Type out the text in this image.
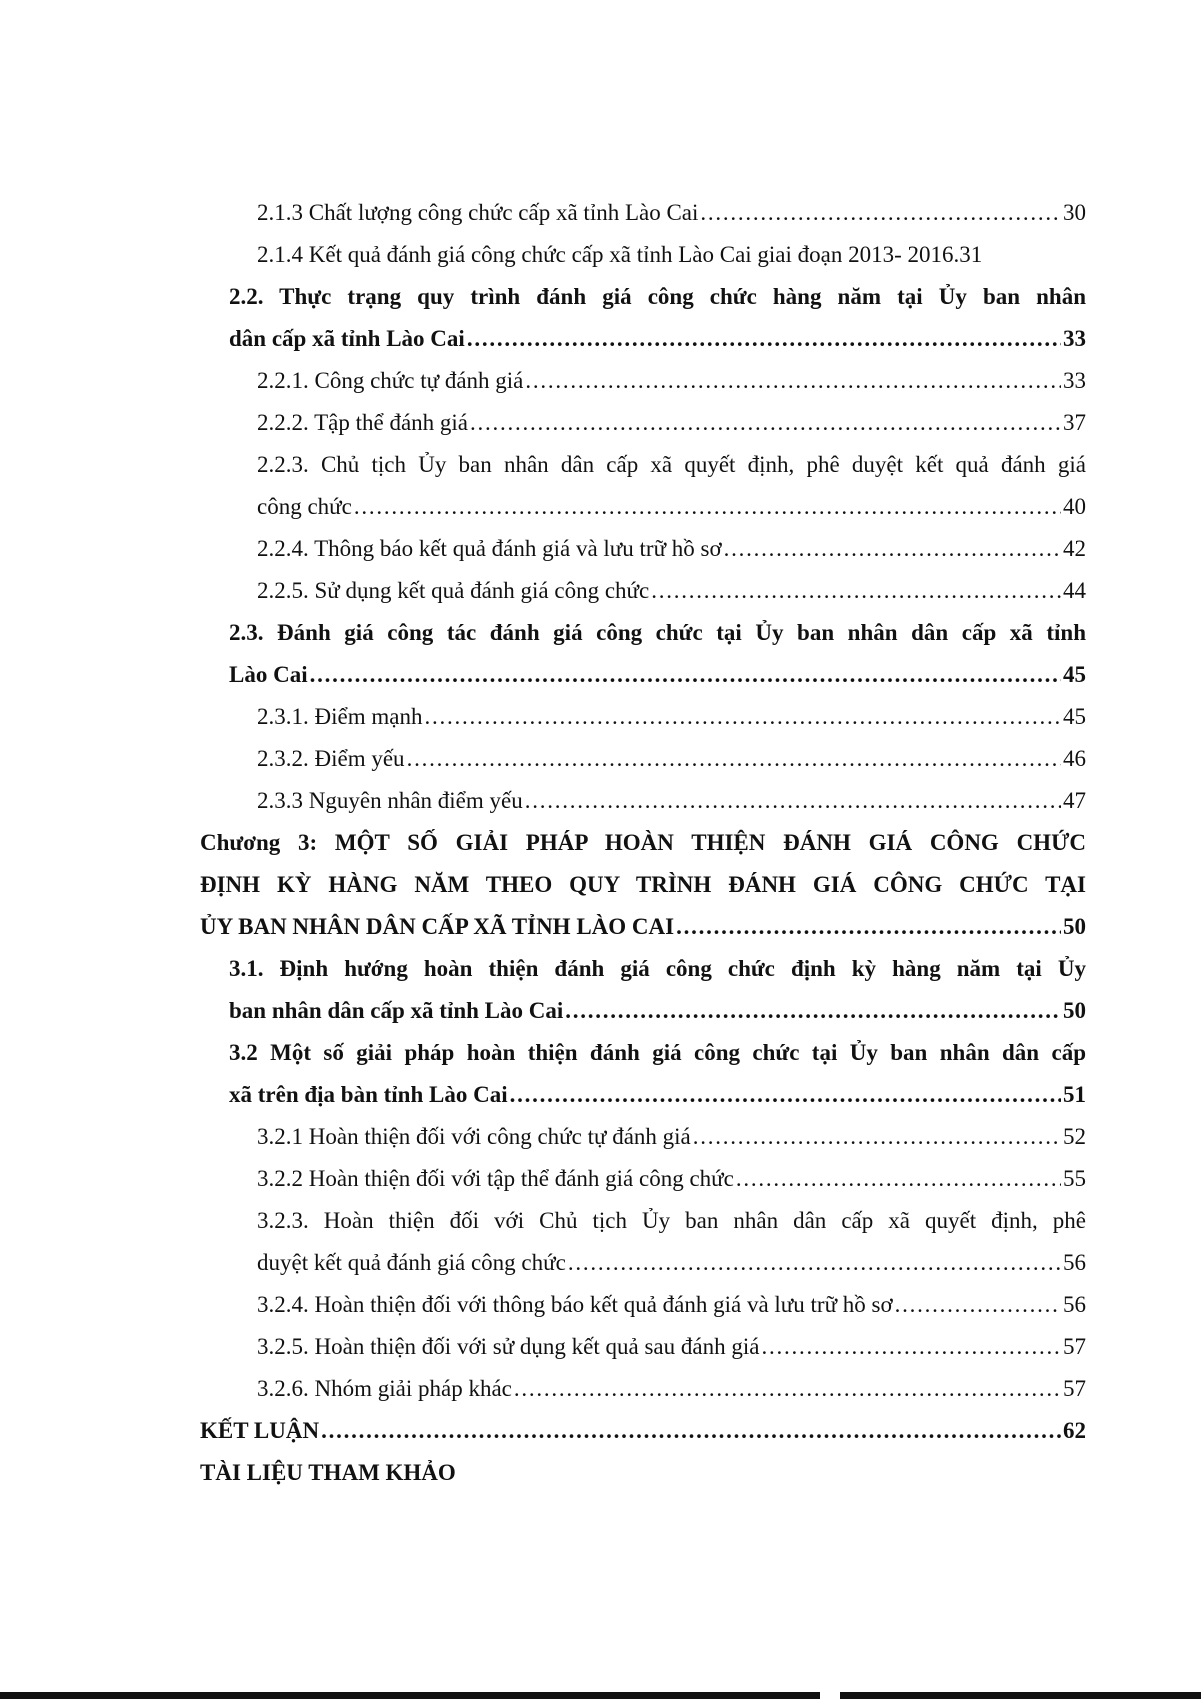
2.1.3 Chất lượng công chức cấp xã tỉnh Lào Cai . . .	30
2.1.4 Kết quả đánh giá công chức cấp xã tỉnh Lào Cai giai đoạn 2013- 2016 .31
2.2. Thực trạng quy trình đánh giá công chức hàng năm tại Ủy ban nhân
dân cấp xã tỉnh Lào Cai . . .	33
2.2.1. Công chức tự đánh giá . . .	33
2.2.2. Tập thể đánh giá . . .	37
2.2.3. Chủ tịch Ủy ban nhân dân cấp xã quyết định, phê duyệt kết quả đánh giá
công chức . . .	40
2.2.4. Thông báo kết quả đánh giá và lưu trữ hồ sơ . . .	42
2.2.5. Sử dụng kết quả đánh giá công chức . . .	44
2.3. Đánh giá công tác đánh giá công chức tại Ủy ban nhân dân cấp xã tỉnh
Lào Cai . . .	45
2.3.1. Điểm mạnh . . .	45
2.3.2. Điểm yếu . . .	46
2.3.3 Nguyên nhân điểm yếu . . .	47
Chương 3: MỘT SỐ GIẢI PHÁP HOÀN THIỆN ĐÁNH GIÁ CÔNG CHỨC
ĐỊNH KỲ HÀNG NĂM THEO QUY TRÌNH ĐÁNH GIÁ CÔNG CHỨC TẠI
ỦY BAN NHÂN DÂN CẤP XÃ TỈNH LÀO CAI . . .	50
3.1. Định hướng hoàn thiện đánh giá công chức định kỳ hàng năm tại Ủy
ban nhân dân cấp xã tỉnh Lào Cai . . .	50
3.2 Một số giải pháp hoàn thiện đánh giá công chức tại Ủy ban nhân dân cấp
xã trên địa bàn tỉnh Lào Cai . . .	51
3.2.1 Hoàn thiện đối với công chức tự đánh giá . . .	52
3.2.2 Hoàn thiện đối với tập thể đánh giá công chức . . .	55
3.2.3. Hoàn thiện đối với Chủ tịch Ủy ban nhân dân cấp xã quyết định, phê
duyệt kết quả đánh giá công chức . . .	56
3.2.4. Hoàn thiện đối với thông báo kết quả đánh giá và lưu trữ hồ sơ . . .	56
3.2.5. Hoàn thiện đối với sử dụng kết quả sau đánh giá . . .	57
3.2.6. Nhóm giải pháp khác . . .	57
KẾT LUẬN . . .	62
TÀI LIỆU THAM KHẢO
